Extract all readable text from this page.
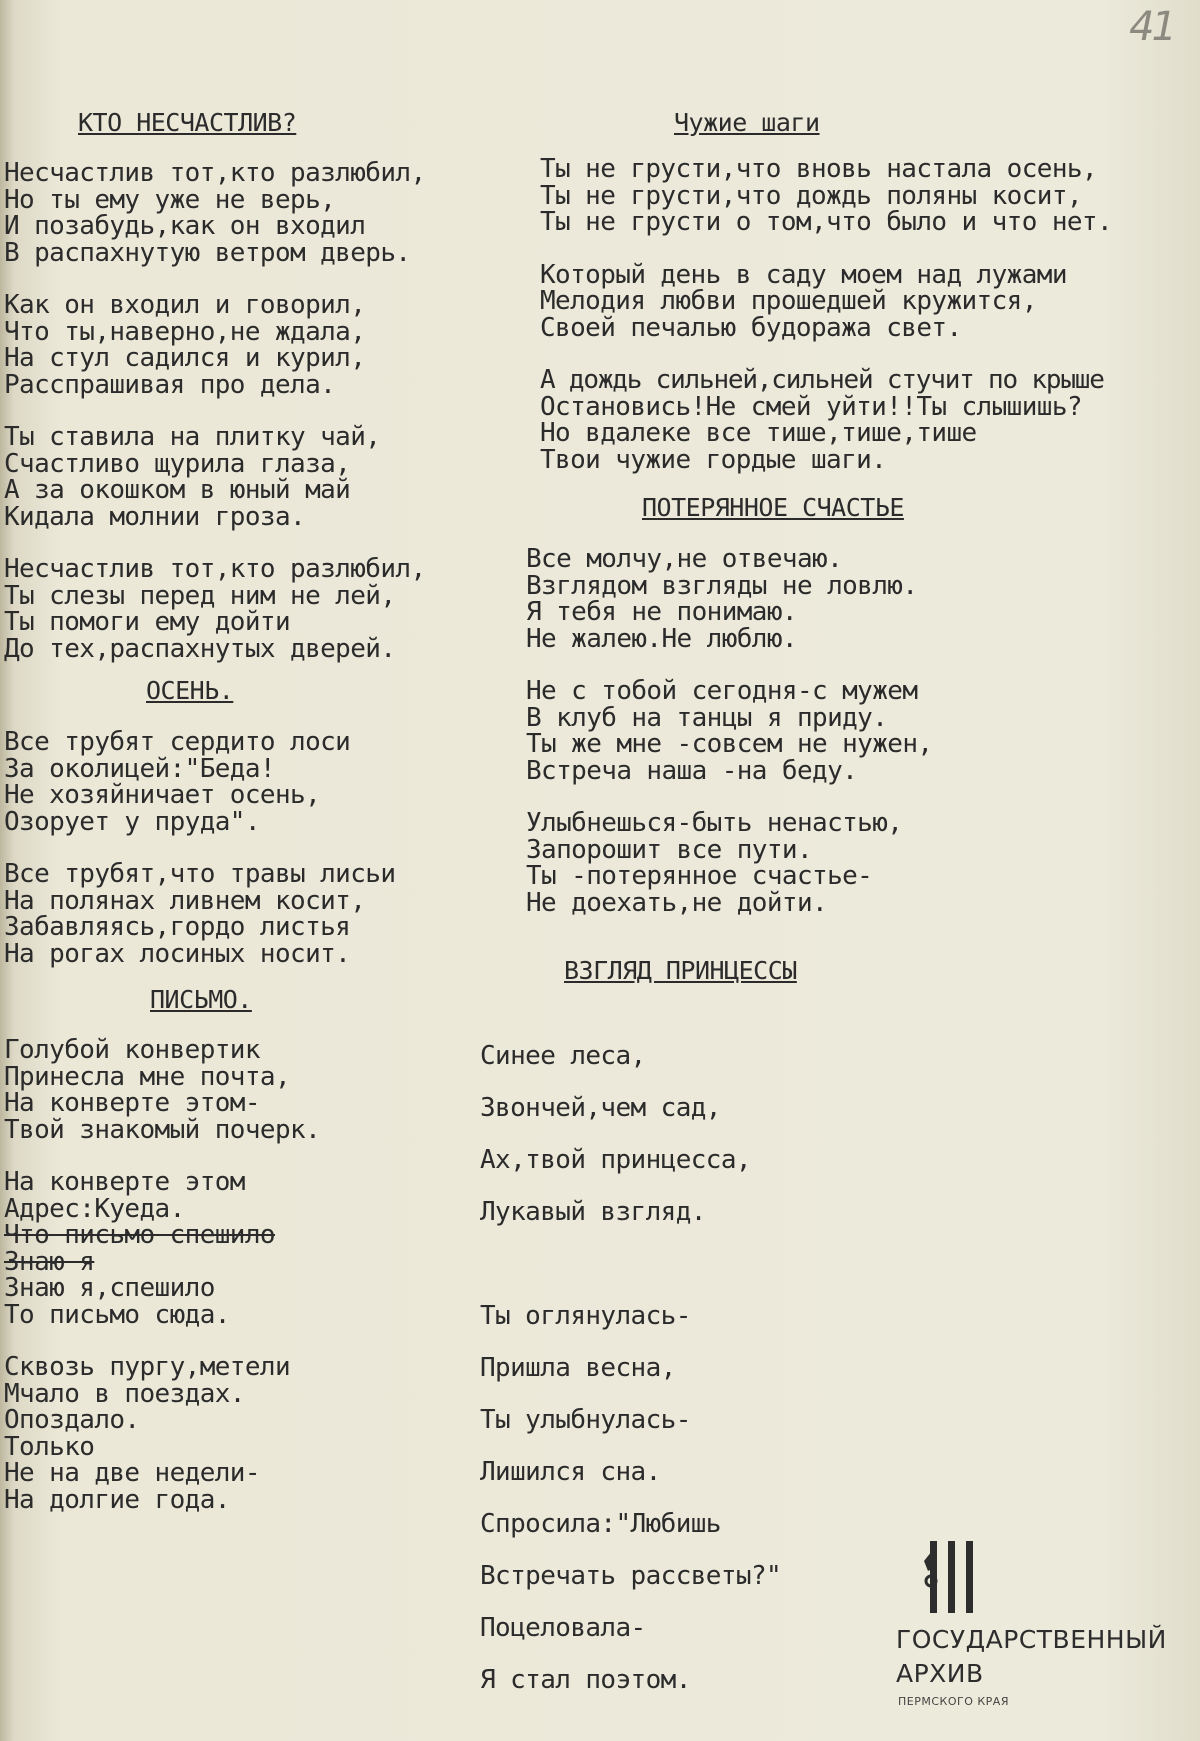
41
КТО НЕСЧАСТЛИВ?
Несчастлив тот,кто разлюбил,
Но ты ему уже не верь,
И позабудь,как он входил
В распахнутую ветром дверь.
Как он входил и говорил,
Что ты,наверно,не ждала,
На стул садился и курил,
Расспрашивая про дела.
Ты ставила на плитку чай,
Счастливо щурила глаза,
А за окошком в юный май
Кидала молнии гроза.
Несчастлив тот,кто разлюбил,
Ты слезы перед ним не лей,
Ты помоги ему дойти
До тех,распахнутых дверей.
ОСЕНЬ.
Все трубят сердито лоси
За околицей:"Беда!
Не хозяйничает осень,
Озорует у пруда".
Все трубят,что травы лисьи
На полянах ливнем косит,
Забавляясь,гордо листья
На рогах лосиных носит.
ПИСЬМО.
Голубой конвертик
Принесла мне почта,
На конверте этом-
Твой знакомый почерк.
На конверте этом
Адрес:Куеда.
Что письмо спешило
Знаю я
Знаю я,спешило
То письмо сюда.
Сквозь пургу,метели
Мчало в поездах.
Опоздало.
Только
Не на две недели-
На долгие года.
Чужие шаги
Ты не грусти,что вновь настала осень,
Ты не грусти,что дождь поляны косит,
Ты не грусти о том,что было и что нет.
Который день в саду моем над лужами
Мелодия любви прошедшей кружится,
Своей печалью будоража свет.
А дождь сильней,сильней стучит по крыше
Остановись!Не смей уйти!!Ты слышишь?
Но вдалеке все тише,тише,тише
Твои чужие гордые шаги.
ПОТЕРЯННОЕ СЧАСТЬЕ
Все молчу,не отвечаю.
Взглядом взгляды не ловлю.
Я тебя не понимаю.
Не жалею.Не люблю.
Не с тобой сегодня-с мужем
В клуб на танцы я приду.
Ты же мне -совсем не нужен,
Встреча наша -на беду.
Улыбнешься-быть ненастью,
Запорошит все пути.
Ты -потерянное счастье-
Не доехать,не дойти.
ВЗГЛЯД ПРИНЦЕССЫ
Синее леса,
Звончей,чем сад,
Ах,твой принцесса,
Лукавый взгляд.
Ты оглянулась-
Пришла весна,
Ты улыбнулась-
Лишился сна.
Спросила:"Любишь
Встречать рассветы?"
Поцеловала-
Я стал поэтом.
ГОСУДАРСТВЕННЫЙ
АРХИВ
ПЕРМСКОГО КРАЯ
